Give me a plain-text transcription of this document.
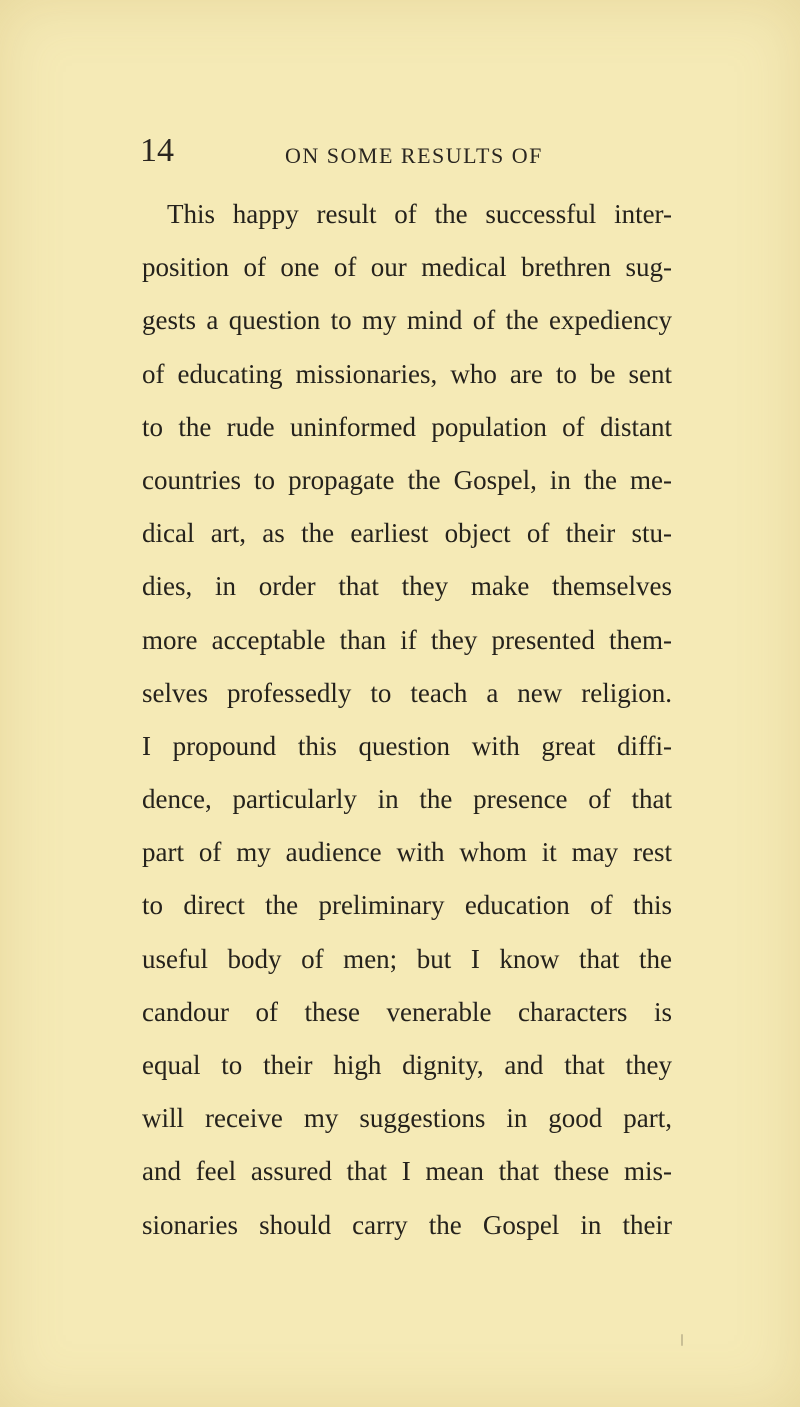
14	ON SOME RESULTS OF
This happy result of the successful inter-
position of one of our medical brethren sug-
gests a question to my mind of the expediency
of educating missionaries, who are to be sent
to the rude uninformed population of distant
countries to propagate the Gospel, in the me-
dical art, as the earliest object of their stu-
dies, in order that they make themselves
more acceptable than if they presented them-
selves professedly to teach a new religion.
I propound this question with great diffi-
dence, particularly in the presence of that
part of my audience with whom it may rest
to direct the preliminary education of this
useful body of men; but I know that the
candour of these venerable characters is
equal to their high dignity, and that they
will receive my suggestions in good part,
and feel assured that I mean that these mis-
sionaries should carry the Gospel in their
